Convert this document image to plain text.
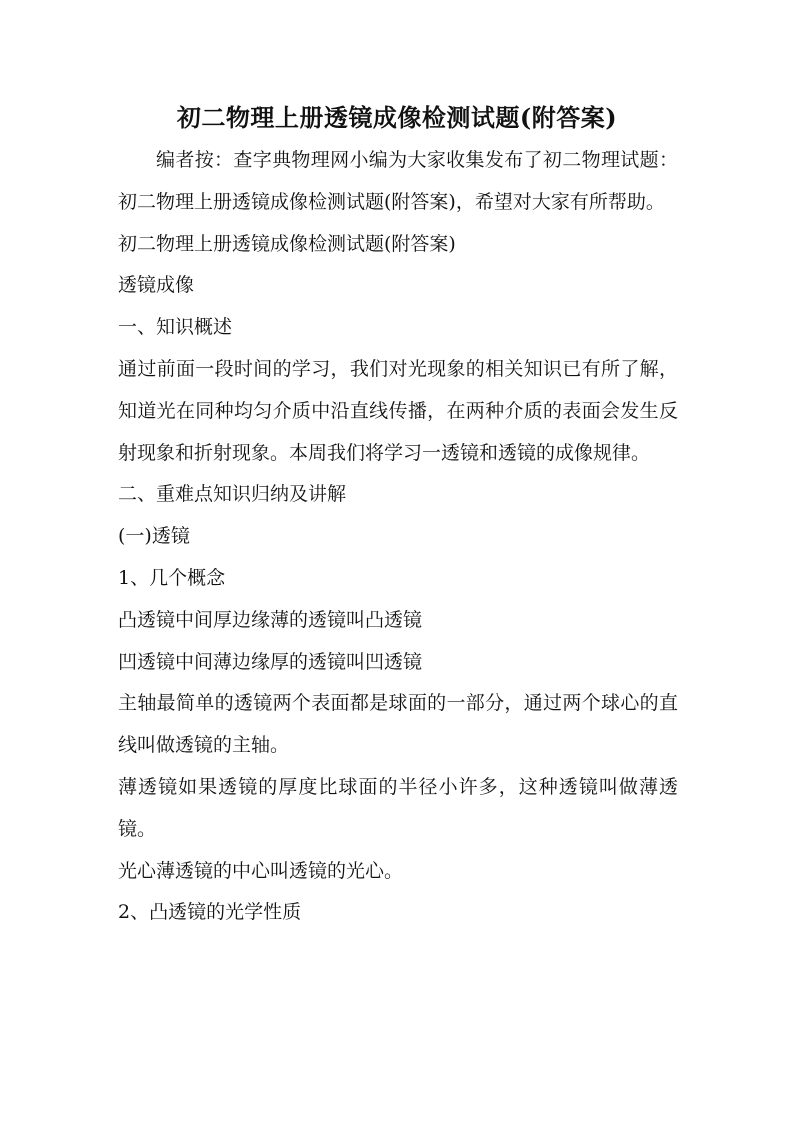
初二物理上册透镜成像检测试题(附答案)

编者按：查字典物理网小编为大家收集发布了初二物理试题：初二物理上册透镜成像检测试题(附答案)，希望对大家有所帮助。

初二物理上册透镜成像检测试题(附答案)

透镜成像

一、知识概述

通过前面一段时间的学习，我们对光现象的相关知识已有所了解，知道光在同种均匀介质中沿直线传播，在两种介质的表面会发生反射现象和折射现象。本周我们将学习一透镜和透镜的成像规律。

二、重难点知识归纳及讲解

(一)透镜

1、几个概念

凸透镜中间厚边缘薄的透镜叫凸透镜

凹透镜中间薄边缘厚的透镜叫凹透镜

主轴最简单的透镜两个表面都是球面的一部分，通过两个球心的直线叫做透镜的主轴。

薄透镜如果透镜的厚度比球面的半径小许多，这种透镜叫做薄透镜。

光心薄透镜的中心叫透镜的光心。

2、凸透镜的光学性质
